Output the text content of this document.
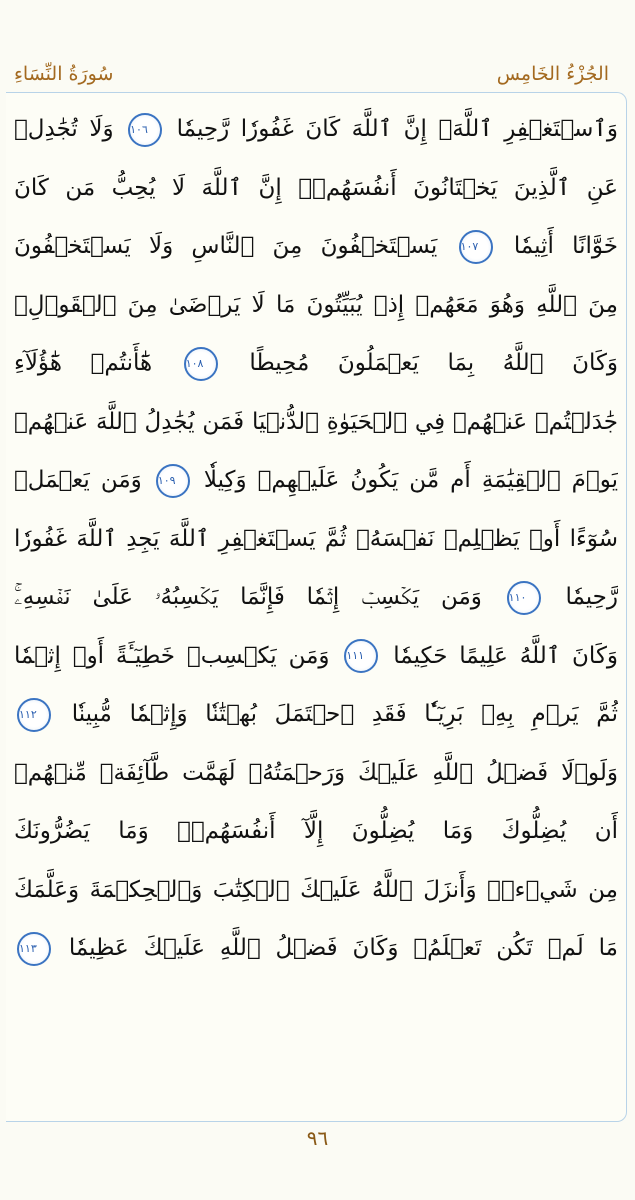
سُورَةُ النِّسَاءِ	الجُزْءُ الخَامِس
وَٱسۡتَغۡفِرِ ٱللَّهَۖ إِنَّ ٱللَّهَ كَانَ غَفُورٗا رَّحِيمٗا ١٠٦ وَلَا تُجَٰدِلۡ
عَنِ ٱلَّذِينَ يَخۡتَانُونَ أَنفُسَهُمۡۚ إِنَّ ٱللَّهَ لَا يُحِبُّ مَن كَانَ
خَوَّانًا أَثِيمٗا ١٠٧ يَسۡتَخۡفُونَ مِنَ ٱلنَّاسِ وَلَا يَسۡتَخۡفُونَ
مِنَ ٱللَّهِ وَهُوَ مَعَهُمۡ إِذۡ يُبَيِّتُونَ مَا لَا يَرۡضَىٰ مِنَ ٱلۡقَوۡلِۚ
وَكَانَ ٱللَّهُ بِمَا يَعۡمَلُونَ مُحِيطًا ١٠٨ هَٰٓأَنتُمۡ هَٰٓؤُلَآءِ
جَٰدَلۡتُمۡ عَنۡهُمۡ فِي ٱلۡحَيَوٰةِ ٱلدُّنۡيَا فَمَن يُجَٰدِلُ ٱللَّهَ عَنۡهُمۡ
يَوۡمَ ٱلۡقِيَٰمَةِ أَم مَّن يَكُونُ عَلَيۡهِمۡ وَكِيلٗا ١٠٩ وَمَن يَعۡمَلۡ
سُوٓءًا أَوۡ يَظۡلِمۡ نَفۡسَهُۥ ثُمَّ يَسۡتَغۡفِرِ ٱللَّهَ يَجِدِ ٱللَّهَ غَفُورٗا
رَّحِيمٗا ١١٠ وَمَن يَكۡسِبۡ إِثۡمٗا فَإِنَّمَا يَكۡسِبُهُۥ عَلَىٰ نَفۡسِهِۦۚ
وَكَانَ ٱللَّهُ عَلِيمًا حَكِيمٗا ١١١ وَمَن يَكۡسِبۡ خَطِيٓـَٔةً أَوۡ إِثۡمٗا
ثُمَّ يَرۡمِ بِهِۦ بَرِيٓـٔٗا فَقَدِ ٱحۡتَمَلَ بُهۡتَٰنٗا وَإِثۡمٗا مُّبِينٗا ١١٢
وَلَوۡلَا فَضۡلُ ٱللَّهِ عَلَيۡكَ وَرَحۡمَتُهُۥ لَهَمَّت طَّآئِفَةٞ مِّنۡهُمۡ
أَن يُضِلُّوكَ وَمَا يُضِلُّونَ إِلَّآ أَنفُسَهُمۡۖ وَمَا يَضُرُّونَكَ
مِن شَيۡءٖۚ وَأَنزَلَ ٱللَّهُ عَلَيۡكَ ٱلۡكِتَٰبَ وَٱلۡحِكۡمَةَ وَعَلَّمَكَ
مَا لَمۡ تَكُن تَعۡلَمُۚ وَكَانَ فَضۡلُ ٱللَّهِ عَلَيۡكَ عَظِيمٗا ١١٣
٩٦
